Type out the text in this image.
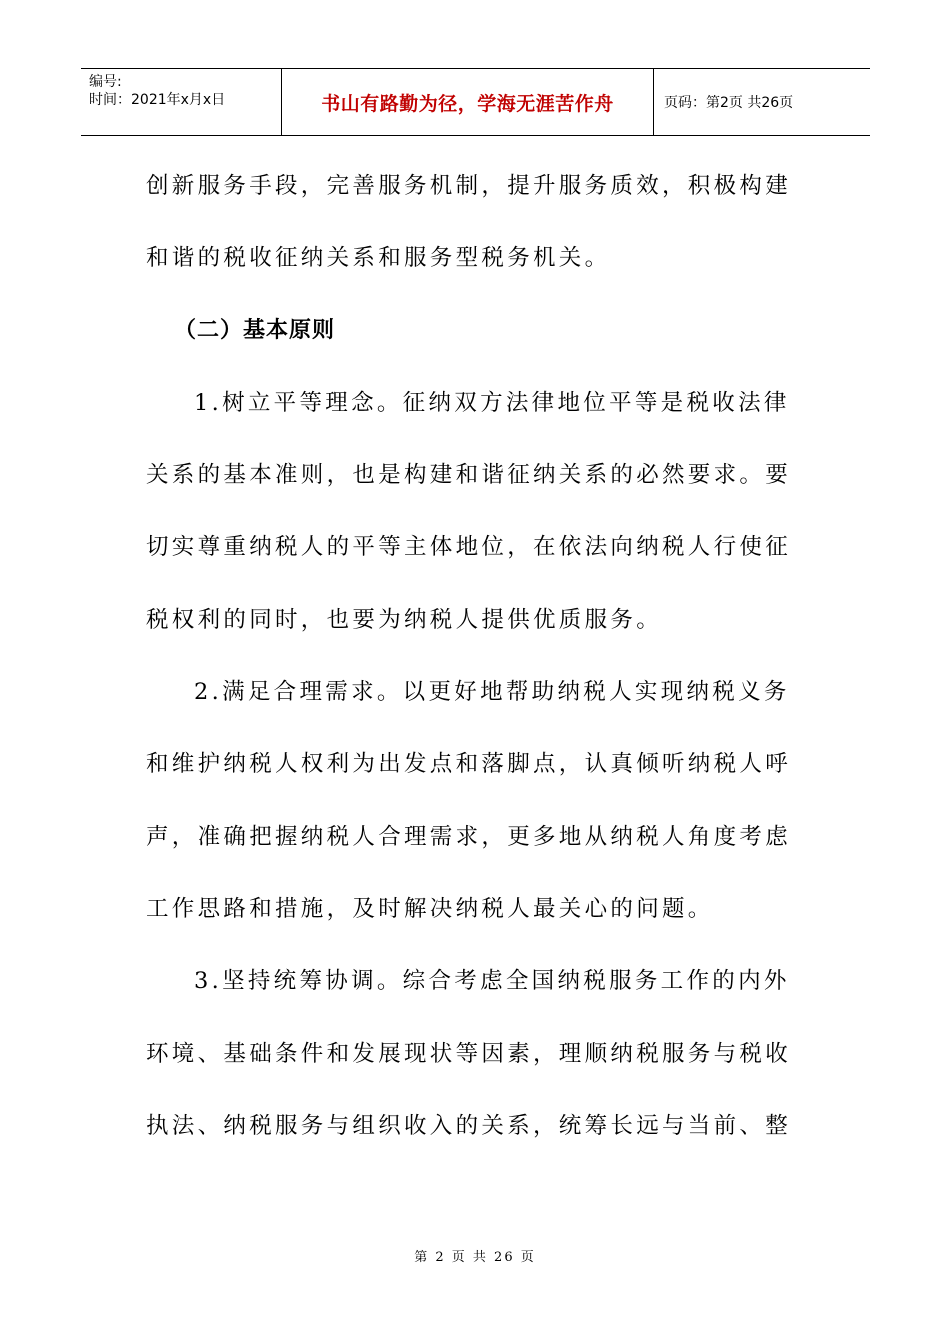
编号:
时间：2021年x月x日	书山有路勤为径，学海无涯苦作舟	页码：第2页 共26页
创新服务手段，完善服务机制，提升服务质效，积极构建
和谐的税收征纳关系和服务型税务机关。
（二）基本原则
1.树立平等理念。征纳双方法律地位平等是税收法律
关系的基本准则，也是构建和谐征纳关系的必然要求。要
切实尊重纳税人的平等主体地位，在依法向纳税人行使征
税权利的同时，也要为纳税人提供优质服务。
2.满足合理需求。以更好地帮助纳税人实现纳税义务
和维护纳税人权利为出发点和落脚点，认真倾听纳税人呼
声，准确把握纳税人合理需求，更多地从纳税人角度考虑
工作思路和措施，及时解决纳税人最关心的问题。
3.坚持统筹协调。综合考虑全国纳税服务工作的内外
环境、基础条件和发展现状等因素，理顺纳税服务与税收
执法、纳税服务与组织收入的关系，统筹长远与当前、整
第 2 页 共 26 页
